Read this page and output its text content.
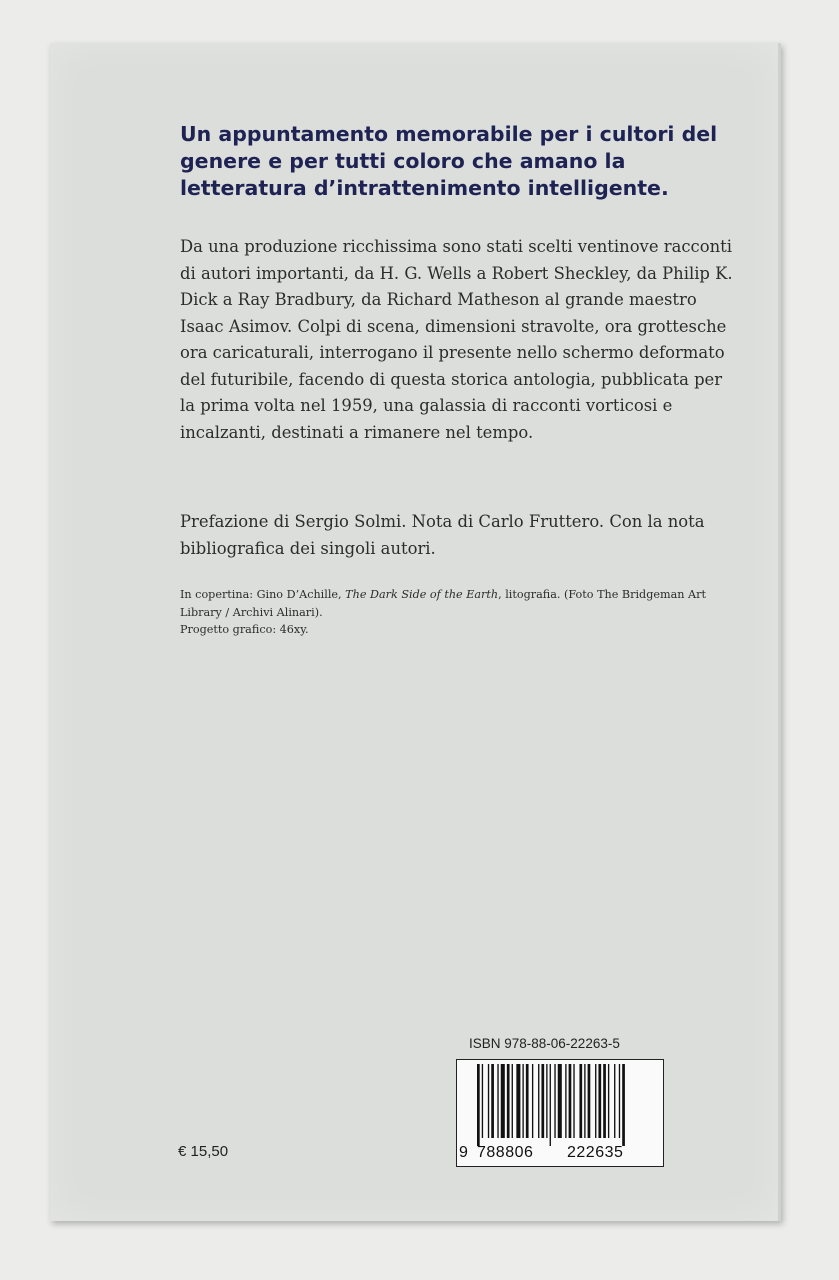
Un appuntamento memorabile per i cultori del genere e per tutti coloro che amano la letteratura d’intrattenimento intelligente.

Da una produzione ricchissima sono stati scelti ventinove racconti di autori importanti, da H. G. Wells a Robert Sheckley, da Philip K. Dick a Ray Bradbury, da Richard Matheson al grande maestro Isaac Asimov. Colpi di scena, dimensioni stravolte, ora grottesche ora caricaturali, interrogano il presente nello schermo deformato del futuribile, facendo di questa storica antologia, pubblicata per la prima volta nel 1959, una galassia di racconti vorticosi e incalzanti, destinati a rimanere nel tempo.

Prefazione di Sergio Solmi. Nota di Carlo Fruttero. Con la nota bibliografica dei singoli autori.

In copertina: Gino D’Achille, The Dark Side of the Earth, litografia. (Foto The Bridgeman Art Library / Archivi Alinari).
Progetto grafico: 46xy.

€ 15,50
ISBN 978-88-06-22263-5
9 788806 222635
